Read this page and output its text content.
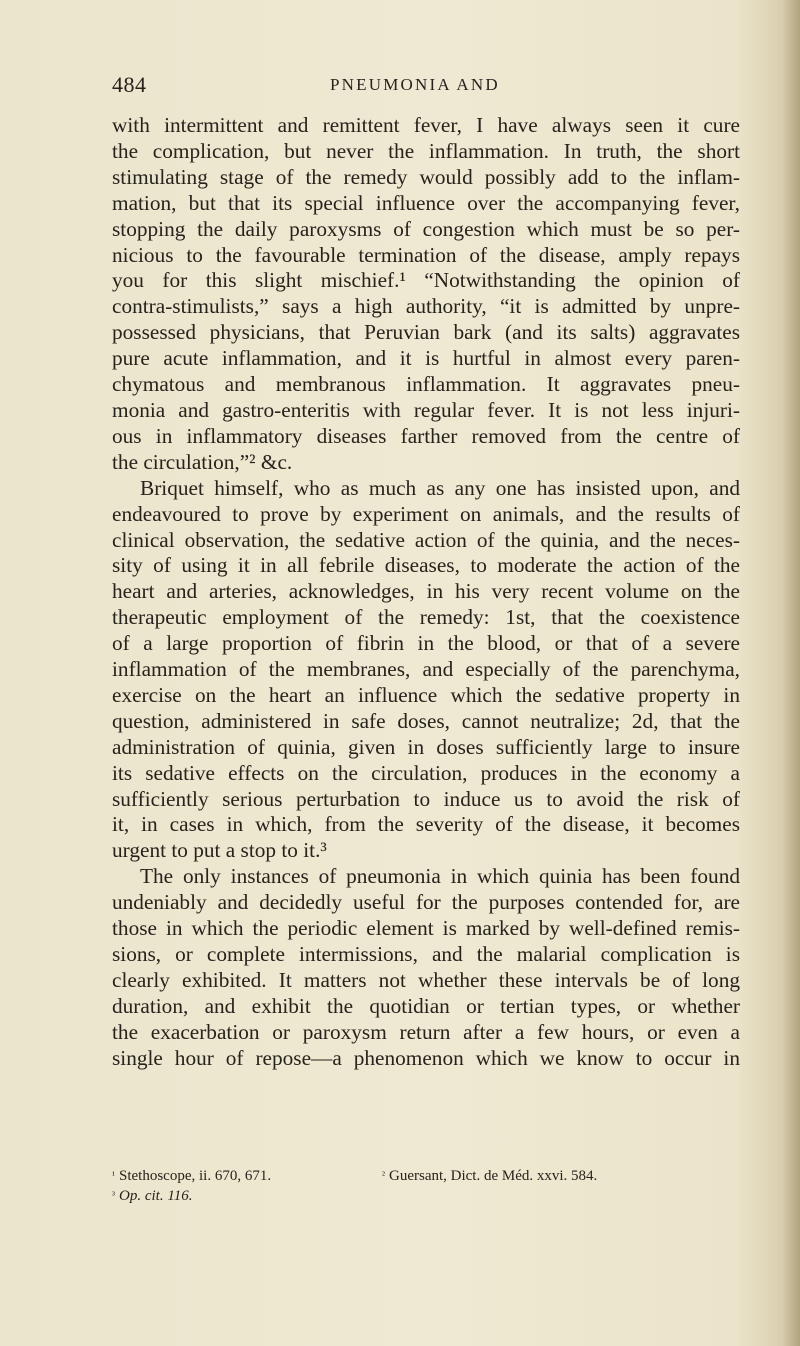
484	PNEUMONIA AND
with intermittent and remittent fever, I have always seen it cure
the complication, but never the inflammation. In truth, the short
stimulating stage of the remedy would possibly add to the inflam-
mation, but that its special influence over the accompanying fever,
stopping the daily paroxysms of congestion which must be so per-
nicious to the favourable termination of the disease, amply repays
you for this slight mischief.¹ “Notwithstanding the opinion of
contra-stimulists,” says a high authority, “it is admitted by unpre-
possessed physicians, that Peruvian bark (and its salts) aggravates
pure acute inflammation, and it is hurtful in almost every paren-
chymatous and membranous inflammation. It aggravates pneu-
monia and gastro-enteritis with regular fever. It is not less injuri-
ous in inflammatory diseases farther removed from the centre of
the circulation,”² &c.
Briquet himself, who as much as any one has insisted upon, and
endeavoured to prove by experiment on animals, and the results of
clinical observation, the sedative action of the quinia, and the neces-
sity of using it in all febrile diseases, to moderate the action of the
heart and arteries, acknowledges, in his very recent volume on the
therapeutic employment of the remedy: 1st, that the coexistence
of a large proportion of fibrin in the blood, or that of a severe
inflammation of the membranes, and especially of the parenchyma,
exercise on the heart an influence which the sedative property in
question, administered in safe doses, cannot neutralize; 2d, that the
administration of quinia, given in doses sufficiently large to insure
its sedative effects on the circulation, produces in the economy a
sufficiently serious perturbation to induce us to avoid the risk of
it, in cases in which, from the severity of the disease, it becomes
urgent to put a stop to it.³
The only instances of pneumonia in which quinia has been found
undeniably and decidedly useful for the purposes contended for, are
those in which the periodic element is marked by well-defined remis-
sions, or complete intermissions, and the malarial complication is
clearly exhibited. It matters not whether these intervals be of long
duration, and exhibit the quotidian or tertian types, or whether
the exacerbation or paroxysm return after a few hours, or even a
single hour of repose—a phenomenon which we know to occur in
$^{^1}$ Stethoscope, ii. 670, 671.	$^{^2}$ Guersant, Dict. de Méd. xxvi. 584.
$^{^3}$ Op. cit. 116.
